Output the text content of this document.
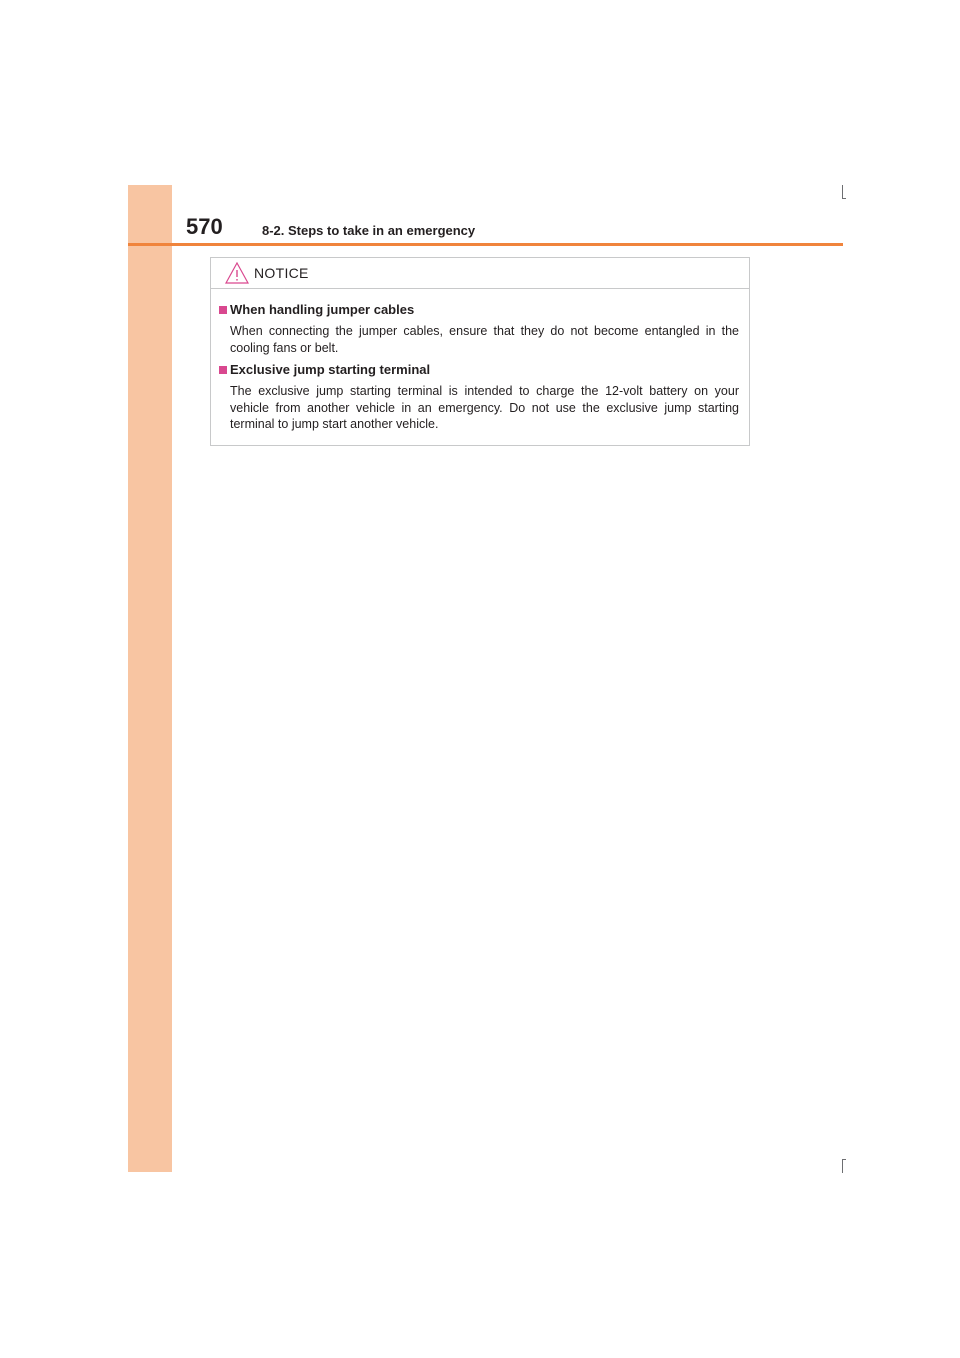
570	8-2. Steps to take in an emergency
NOTICE
When handling jumper cables
When connecting the jumper cables, ensure that they do not become entangled in the cooling fans or belt.
Exclusive jump starting terminal
The exclusive jump starting terminal is intended to charge the 12-volt battery on your vehicle from another vehicle in an emergency. Do not use the exclusive jump starting terminal to jump start another vehicle.
